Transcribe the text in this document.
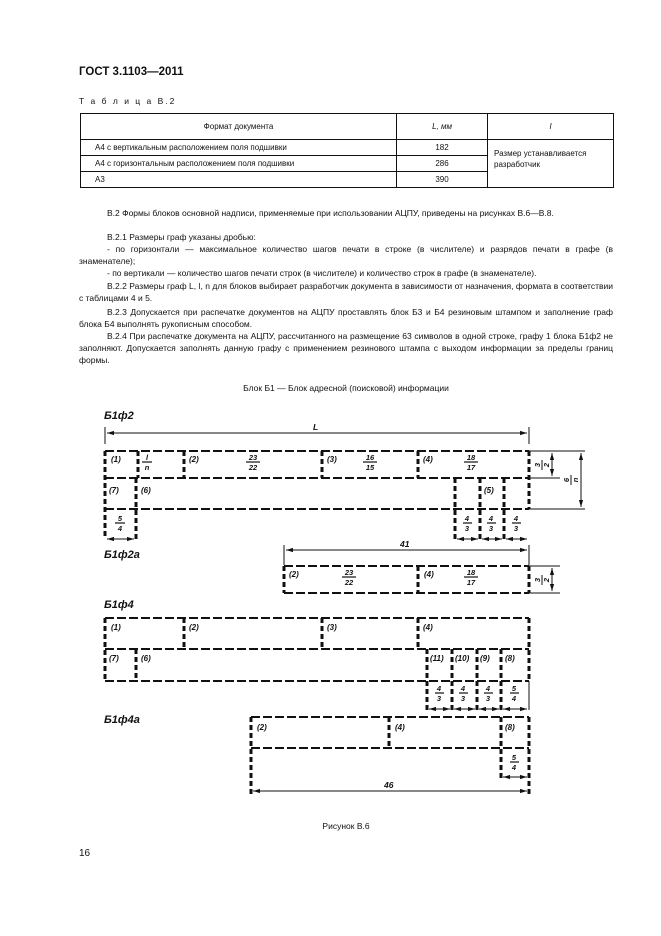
ГОСТ 3.1103—2011
Т а б л и ц а В.2
Формат документа	L, мм	l
А4 с вертикальным расположением поля подшивки	182	Размер устанавливается разработчик
А4 с горизонтальным расположением поля подшивки	286	
А3	390	

В.2 Формы блоков основной надписи, применяемые при использовании АЦПУ, приведены на рисунках В.6—В.8.

В.2.1 Размеры граф указаны дробью:

- по горизонтали — максимальное количество шагов печати в строке (в числителе) и разрядов печати в графе (в знаменателе);

- по вертикали — количество шагов печати строк (в числителе) и количество строк в графе (в знаменателе).

В.2.2 Размеры граф L, l, n для блоков выбирает разработчик документа в зависимости от назначения, формата в соответствии с таблицами 4 и 5.

В.2.3 Допускается при распечатке документов на АЦПУ проставлять блок Б3 и Б4 резиновым штампом и заполнение граф блока Б4 выполнять рукописным способом.

В.2.4 При распечатке документа на АЦПУ, рассчитанного на размещение 63 символов в одной строке, графу 1 блока Б1ф2 не заполняют. Допускается заполнять данную графу с применением резинового штампа с выходом информации за пределы границ формы.

Блок Б1 — Блок адресной (поисковой) информации
Б1ф2
Б1ф2а
Б1ф4
Б1ф4а
L
41
46
(1)	(2)	(3)	(4)
(7)	(6)	(5)
l
n
23
22
16
15
18
17
5
4
4
3
4
3
4
3
3 2
6 n
3 2
(2)	(4)
23
22
18
17
(1)	(2)	(3)	(4)
(7)	(6)	(11) (10) (9) (8)
4
3
4
3
4
3
5
4
(2)	(4)	(8)
5
4
Рисунок В.6
16
